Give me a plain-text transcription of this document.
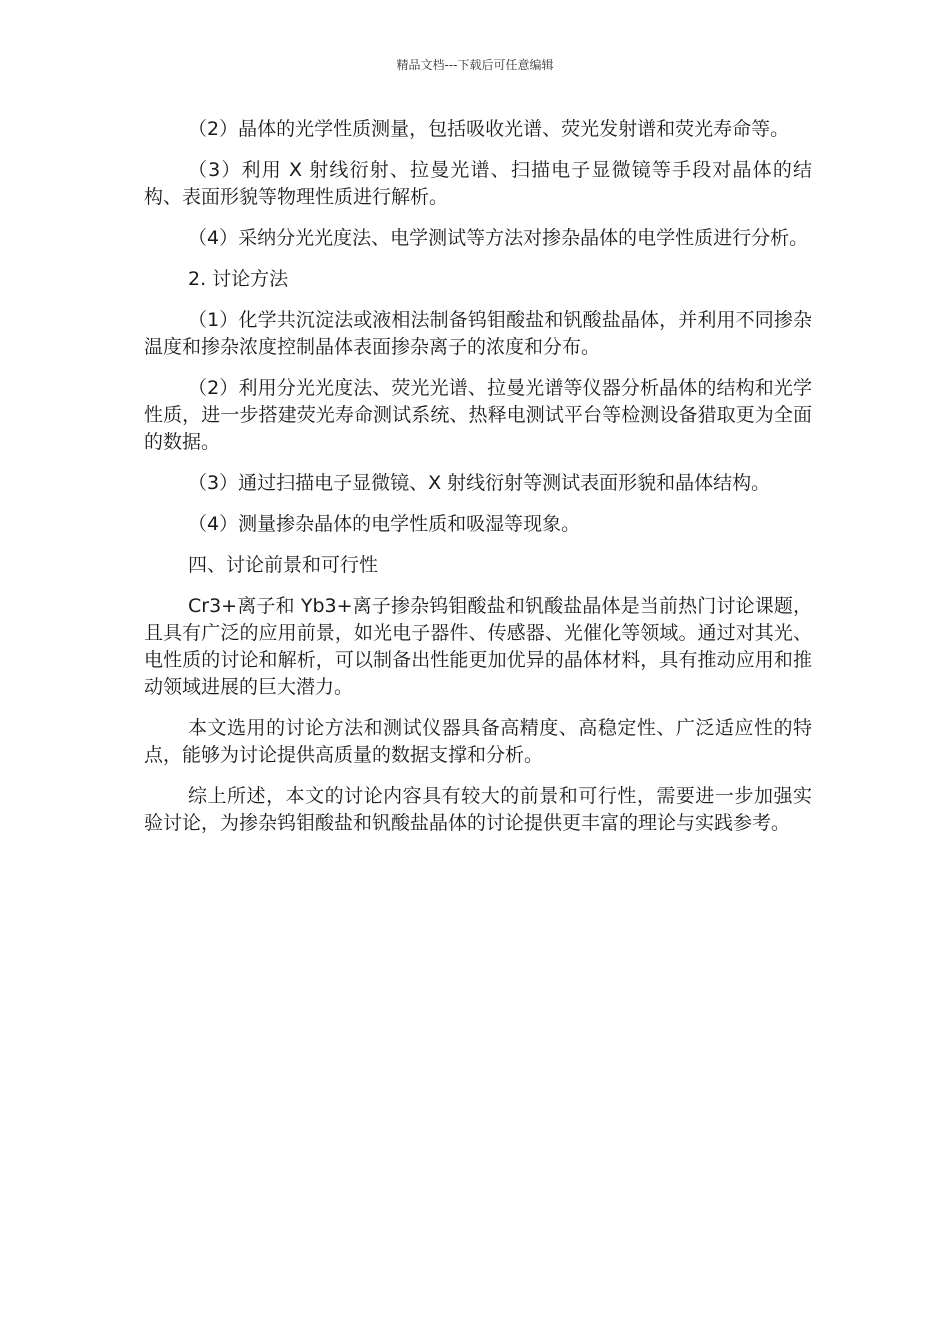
精品文档---下载后可任意编辑

（2）晶体的光学性质测量，包括吸收光谱、荧光发射谱和荧光寿命等。

（3）利用 X 射线衍射、拉曼光谱、扫描电子显微镜等手段对晶体的结构、表面形貌等物理性质进行解析。

（4）采纳分光光度法、电学测试等方法对掺杂晶体的电学性质进行分析。

2. 讨论方法

（1）化学共沉淀法或液相法制备钨钼酸盐和钒酸盐晶体，并利用不同掺杂温度和掺杂浓度控制晶体表面掺杂离子的浓度和分布。

（2）利用分光光度法、荧光光谱、拉曼光谱等仪器分析晶体的结构和光学性质，进一步搭建荧光寿命测试系统、热释电测试平台等检测设备猎取更为全面的数据。

（3）通过扫描电子显微镜、X 射线衍射等测试表面形貌和晶体结构。

（4）测量掺杂晶体的电学性质和吸湿等现象。

四、讨论前景和可行性

Cr3+离子和 Yb3+离子掺杂钨钼酸盐和钒酸盐晶体是当前热门讨论课题，且具有广泛的应用前景，如光电子器件、传感器、光催化等领域。通过对其光、电性质的讨论和解析，可以制备出性能更加优异的晶体材料，具有推动应用和推动领域进展的巨大潜力。

本文选用的讨论方法和测试仪器具备高精度、高稳定性、广泛适应性的特点，能够为讨论提供高质量的数据支撑和分析。

综上所述，本文的讨论内容具有较大的前景和可行性，需要进一步加强实验讨论，为掺杂钨钼酸盐和钒酸盐晶体的讨论提供更丰富的理论与实践参考。
